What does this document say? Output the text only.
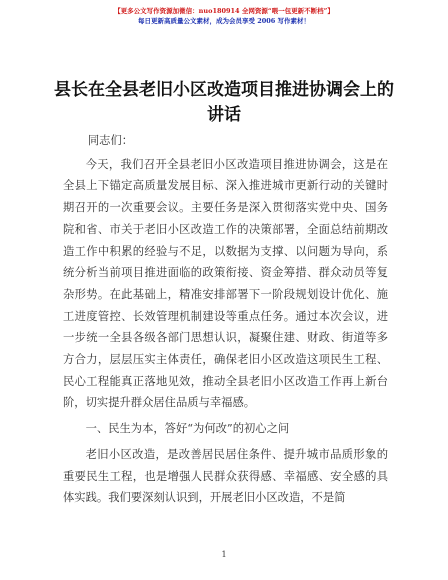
【更多公文写作资源加微信：nuo180914 全网资源“喂一包更新不断档”】
每日更新高质量公文素材，成为会员享受 2006 写作素材！
县长在全县老旧小区改造项目推进协调会上的
讲话

同志们：

今天，我们召开全县老旧小区改造项目推进协调会，这是在全县上下锚定高质量发展目标、深入推进城市更新行动的关键时期召开的一次重要会议。主要任务是深入贯彻落实党中央、国务院和省、市关于老旧小区改造工作的决策部署，全面总结前期改造工作中积累的经验与不足，以数据为支撑、以问题为导向，系统分析当前项目推进面临的政策衔接、资金筹措、群众动员等复杂形势。在此基础上，精准安排部署下一阶段规划设计优化、施工进度管控、长效管理机制建设等重点任务。通过本次会议，进一步统一全县各级各部门思想认识，凝聚住建、财政、街道等多方合力，层层压实主体责任，确保老旧小区改造这项民生工程、民心工程能真正落地见效，推动全县老旧小区改造工作再上新台阶，切实提升群众居住品质与幸福感。

一、民生为本，答好“为何改”的初心之问

老旧小区改造，是改善居民居住条件、提升城市品质形象的重要民生工程，也是增强人民群众获得感、幸福感、安全感的具体实践。我们要深刻认识到，开展老旧小区改造，不是简

1
